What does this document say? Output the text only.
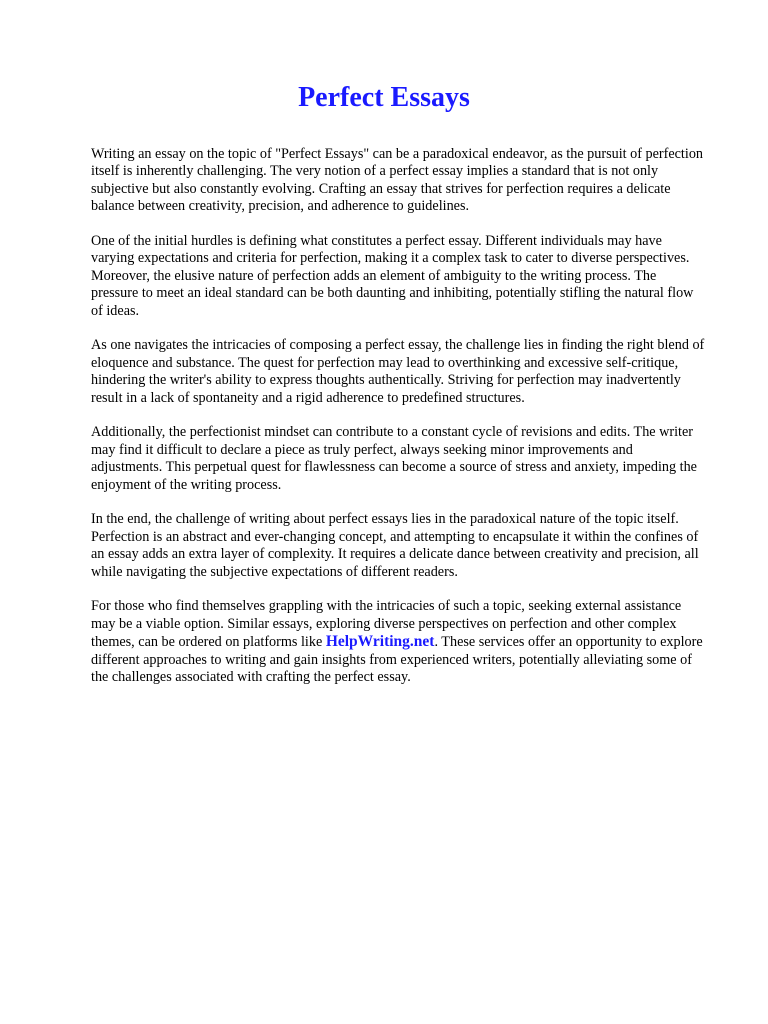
Perfect Essays

Writing an essay on the topic of "Perfect Essays" can be a paradoxical endeavor, as the pursuit of perfection itself is inherently challenging. The very notion of a perfect essay implies a standard that is not only subjective but also constantly evolving. Crafting an essay that strives for perfection requires a delicate balance between creativity, precision, and adherence to guidelines.

One of the initial hurdles is defining what constitutes a perfect essay. Different individuals may have varying expectations and criteria for perfection, making it a complex task to cater to diverse perspectives. Moreover, the elusive nature of perfection adds an element of ambiguity to the writing process. The pressure to meet an ideal standard can be both daunting and inhibiting, potentially stifling the natural flow of ideas.

As one navigates the intricacies of composing a perfect essay, the challenge lies in finding the right blend of eloquence and substance. The quest for perfection may lead to overthinking and excessive self-critique, hindering the writer's ability to express thoughts authentically. Striving for perfection may inadvertently result in a lack of spontaneity and a rigid adherence to predefined structures.

Additionally, the perfectionist mindset can contribute to a constant cycle of revisions and edits. The writer may find it difficult to declare a piece as truly perfect, always seeking minor improvements and adjustments. This perpetual quest for flawlessness can become a source of stress and anxiety, impeding the enjoyment of the writing process.

In the end, the challenge of writing about perfect essays lies in the paradoxical nature of the topic itself. Perfection is an abstract and ever-changing concept, and attempting to encapsulate it within the confines of an essay adds an extra layer of complexity. It requires a delicate dance between creativity and precision, all while navigating the subjective expectations of different readers.

For those who find themselves grappling with the intricacies of such a topic, seeking external assistance may be a viable option. Similar essays, exploring diverse perspectives on perfection and other complex themes, can be ordered on platforms like HelpWriting.net. These services offer an opportunity to explore different approaches to writing and gain insights from experienced writers, potentially alleviating some of the challenges associated with crafting the perfect essay.
